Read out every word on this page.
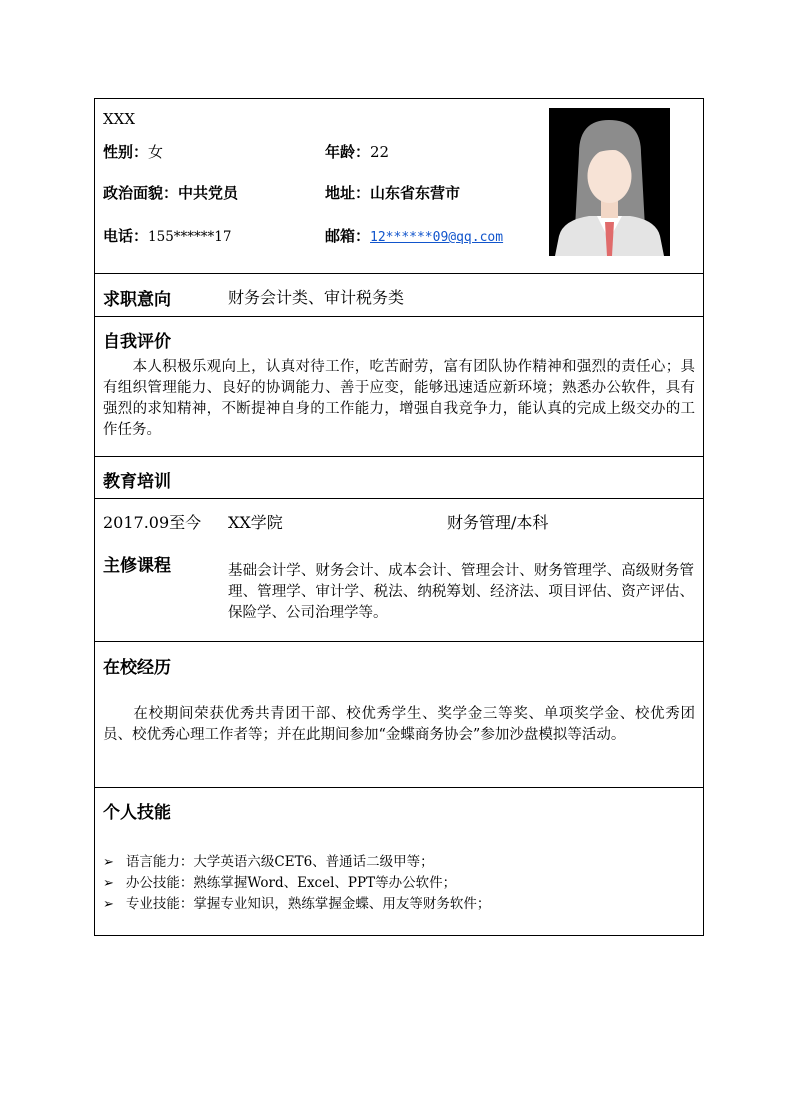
XXX
性别：女	年龄：22
政治面貌：中共党员	地址：山东省东营市
电话：155******17	邮箱：12******09@qq.com
求职意向	财务会计类、审计税务类
自我评价
　　本人积极乐观向上，认真对待工作，吃苦耐劳，富有团队协作精神和强烈的责任心；具有组织管理能力、良好的协调能力、善于应变，能够迅速适应新环境；熟悉办公软件，具有强烈的求知精神，不断提神自身的工作能力，增强自我竞争力，能认真的完成上级交办的工作任务。
教育培训
2017.09至今 XX学院	财务管理/本科
主修课程	基础会计学、财务会计、成本会计、管理会计、财务管理学、高级财务管理、管理学、审计学、税法、纳税筹划、经济法、项目评估、资产评估、保险学、公司治理学等。
在校经历
　　在校期间荣获优秀共青团干部、校优秀学生、奖学金三等奖、单项奖学金、校优秀团员、校优秀心理工作者等；并在此期间参加“金蝶商务协会”参加沙盘模拟等活动。
个人技能
➢ 语言能力：大学英语六级CET6、普通话二级甲等；
➢ 办公技能：熟练掌握Word、Excel、PPT等办公软件；
➢ 专业技能：掌握专业知识，熟练掌握金蝶、用友等财务软件；
